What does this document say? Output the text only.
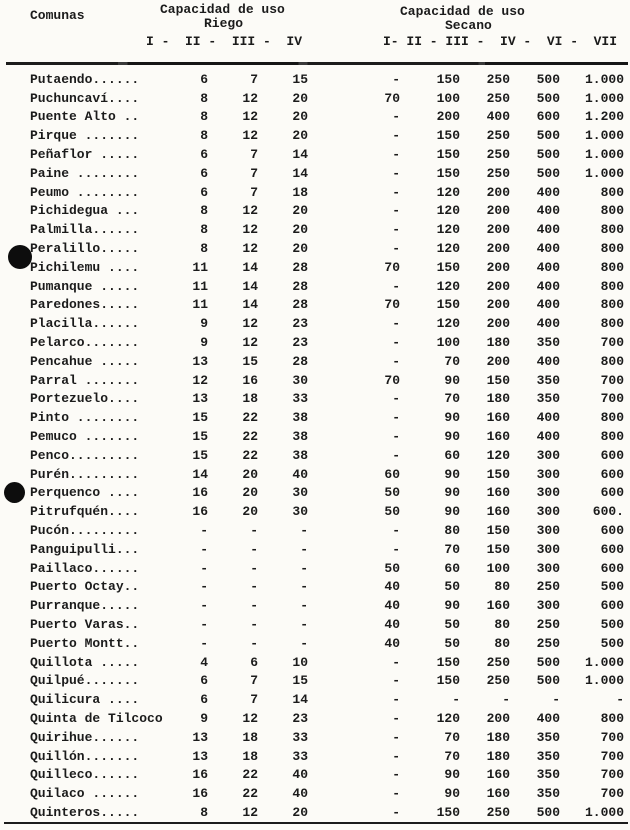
Comunas	Capacidad de uso
Riego
I -  II -  III -  IV
Capacidad de uso
Secano
I- II - III -  IV -  VI -  VII
Putaendo......	6	7	15	-	150	250	500	1.000
Puchuncaví....	8	12	20	70	100	250	500	1.000
Puente Alto ..	8	12	20	-	200	400	600	1.200
Pirque .......	8	12	20	-	150	250	500	1.000
Peñaflor .....	6	7	14	-	150	250	500	1.000
Paine ........	6	7	14	-	150	250	500	1.000
Peumo ........	6	7	18	-	120	200	400	800
Pichidegua ...	8	12	20	-	120	200	400	800
Palmilla......	8	12	20	-	120	200	400	800
Peralillo.....	8	12	20	-	120	200	400	800
Pichilemu ....	11	14	28	70	150	200	400	800
Pumanque .....	11	14	28	-	120	200	400	800
Paredones.....	11	14	28	70	150	200	400	800
Placilla......	9	12	23	-	120	200	400	800
Pelarco.......	9	12	23	-	100	180	350	700
Pencahue .....	13	15	28	-	70	200	400	800
Parral .......	12	16	30	70	90	150	350	700
Portezuelo....	13	18	33	-	70	180	350	700
Pinto ........	15	22	38	-	90	160	400	800
Pemuco .......	15	22	38	-	90	160	400	800
Penco.........	15	22	38	-	60	120	300	600
Purén.........	14	20	40	60	90	150	300	600
Perquenco ....	16	20	30	50	90	160	300	600
Pitrufquén....	16	20	30	50	90	160	300	600.
Pucón.........	-	-	-	-	80	150	300	600
Panguipulli...	-	-	-	-	70	150	300	600
Paillaco......	-	-	-	50	60	100	300	600
Puerto Octay..	-	-	-	40	50	80	250	500
Purranque.....	-	-	-	40	90	160	300	600
Puerto Varas..	-	-	-	40	50	80	250	500
Puerto Montt..	-	-	-	40	50	80	250	500
Quillota .....	4	6	10	-	150	250	500	1.000
Quilpué.......	6	7	15	-	150	250	500	1.000
Quilicura ....	6	7	14	-	-	-	-	-
Quinta de Tilcoco	9	12	23	-	120	200	400	800
Quirihue......	13	18	33	-	70	180	350	700
Quillón.......	13	18	33	-	70	180	350	700
Quilleco......	16	22	40	-	90	160	350	700
Quilaco ......	16	22	40	-	90	160	350	700
Quinteros.....	8	12	20	-	150	250	500	1.000
